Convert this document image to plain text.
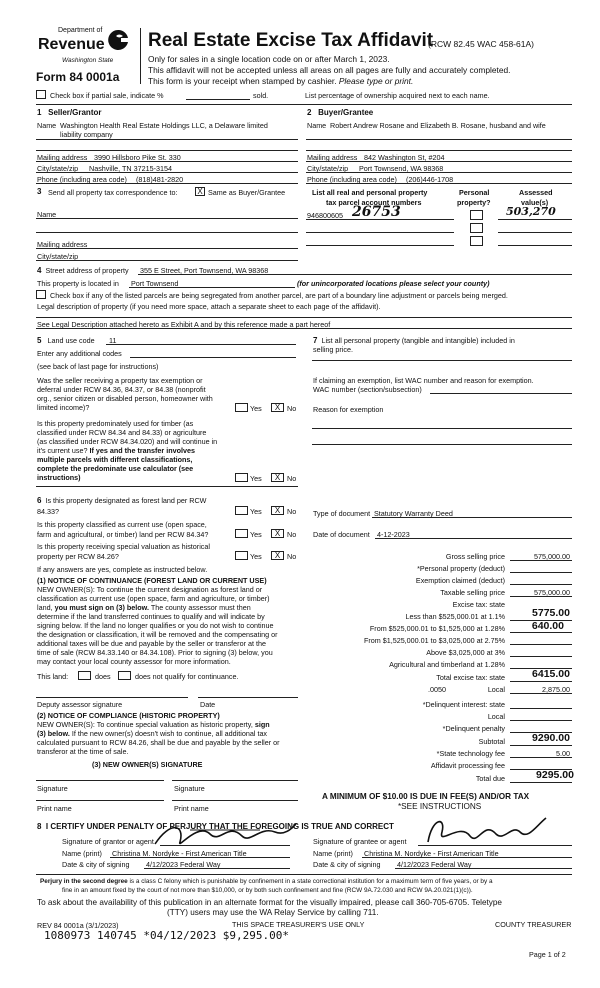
Department of
Revenue
Washington State
Form 84 0001a
Real Estate Excise Tax Affidavit
(RCW 82.45 WAC 458-61A)
Only for sales in a single location code on or after March 1, 2023.
This affidavit will not be accepted unless all areas on all pages are fully and accurately completed.
This form is your receipt when stamped by cashier. Please type or print.
Check box if partial sale, indicate %	sold.	List percentage of ownership acquired next to each name.
1 Seller/Grantor
Name Washington Health Real Estate Holdings LLC, a Delaware limited
liability company
Mailing address 3990 Hillsboro Pike St. 330
City/state/zip Nashville, TN 37215-3154
Phone (including area code) (818)481-2820
2 Buyer/Grantee
Name Robert Andrew Rosane and Elizabeth B. Rosane, husband and wife
Mailing address 842 Washington St, #204
City/state/zip Port Townsend, WA 98368
Phone (including area code) (206)446-1708
3 Send all property tax correspondence to: X Same as Buyer/Grantee
Name
Mailing address
City/state/zip
List all real and personal property
tax parcel account numbers
Personal
property?
Assessed
value(s)
946800605 26753	503,270
4 Street address of property 355 E Street, Port Townsend, WA 98368
This property is located in Port Townsend	(for unincorporated locations please select your county)
Check box if any of the listed parcels are being segregated from another parcel, are part of a boundary line adjustment or parcels being merged.
Legal description of property (if you need more space, attach a separate sheet to each page of the affidavit).
See Legal Description attached hereto as Exhibit A and by this reference made a part hereof
5 Land use code 11
Enter any additional codes
(see back of last page for instructions)
Was the seller receiving a property tax exemption or
deferral under RCW 84.36, 84.37, or 84.38 (nonprofit
org., senior citizen or disabled person, homeowner with
limited income)?	Yes	X No
Is this property predominately used for timber (as
classified under RCW 84.34 and 84.33) or agriculture
(as classified under RCW 84.34.020) and will continue in
it's current use? If yes and the transfer involves
multiple parcels with different classifications,
complete the predominate use calculator (see
instructions)	Yes	X No
7 List all personal property (tangible and intangible) included in
selling price.
If claiming an exemption, list WAC number and reason for exemption.
WAC number (section/subsection)
Reason for exemption
6 Is this property designated as forest land per RCW
84.33?	Yes	X No
Is this property classified as current use (open space,
farm and agricultural, or timber) land per RCW 84.34?	Yes	X No
Is this property receiving special valuation as historical
property per RCW 84.26?	Yes	X No
If any answers are yes, complete as instructed below.
(1) NOTICE OF CONTINUANCE (FOREST LAND OR CURRENT USE)
NEW OWNER(S): To continue the current designation as forest land or
classification as current use (open space, farm and agriculture, or timber)
land, you must sign on (3) below. The county assessor must then
determine if the land transferred continues to qualify and will indicate by
signing below. If the land no longer qualifies or you do not wish to continue
the designation or classification, it will be removed and the compensating or
additional taxes will be due and payable by the seller or transferor at the
time of sale (RCW 84.33.140 or 84.34.108). Prior to signing (3) below, you
may contact your local county assessor for more information.
This land:	does	does not qualify for continuance.
Deputy assessor signature	Date
(2) NOTICE OF COMPLIANCE (HISTORIC PROPERTY)
NEW OWNER(S): To continue special valuation as historic property, sign
(3) below. If the new owner(s) doesn't wish to continue, all additional tax
calculated pursuant to RCW 84.26, shall be due and payable by the seller or
transferor at the time of sale.
(3) NEW OWNER(S) SIGNATURE
Signature	Signature
Print name	Print name
Type of document Statutory Warranty Deed
Date of document 4-12-2023
Gross selling price	575,000.00
*Personal property (deduct)
Exemption claimed (deduct)
Taxable selling price	575,000.00
Excise tax: state
Less than $525,000.01 at 1.1%	5775.00
From $525,000.01 to $1,525,000 at 1.28%	640.00
From $1,525,000.01 to $3,025,000 at 2.75%
Above $3,025,000 at 3%
Agricultural and timberland at 1.28%
Total excise tax: state	6415.00
.0050	Local	2,875.00
*Delinquent interest: state
Local
*Delinquent penalty
Subtotal	9290.00
*State technology fee	5.00
Affidavit processing fee
Total due	9295.00
A MINIMUM OF $10.00 IS DUE IN FEE(S) AND/OR TAX
*SEE INSTRUCTIONS
8 I CERTIFY UNDER PENALTY OF PERJURY THAT THE FOREGOING IS TRUE AND CORRECT
Signature of grantor or agent
Name (print) Christina M. Nordyke - First American Title
Date & city of signing 4/12/2023 Federal Way
Signature of grantee or agent
Name (print) Christina M. Nordyke - First American Title
Date & city of signing 4/12/2023 Federal Way
Perjury in the second degree is a class C felony which is punishable by confinement in a state correctional institution for a maximum term of five years, or by a
fine in an amount fixed by the court of not more than $10,000, or by both such confinement and fine (RCW 9A.72.030 and RCW 9A.20.021(1)(c)).
To ask about the availability of this publication in an alternate format for the visually impaired, please call 360-705-6705. Teletype
(TTY) users may use the WA Relay Service by calling 711.
REV 84 0001a (3/1/2023)	THIS SPACE TREASURER'S USE ONLY	COUNTY TREASURER
1080973 140745 *04/12/2023 $9,295.00*
Page 1 of 2
